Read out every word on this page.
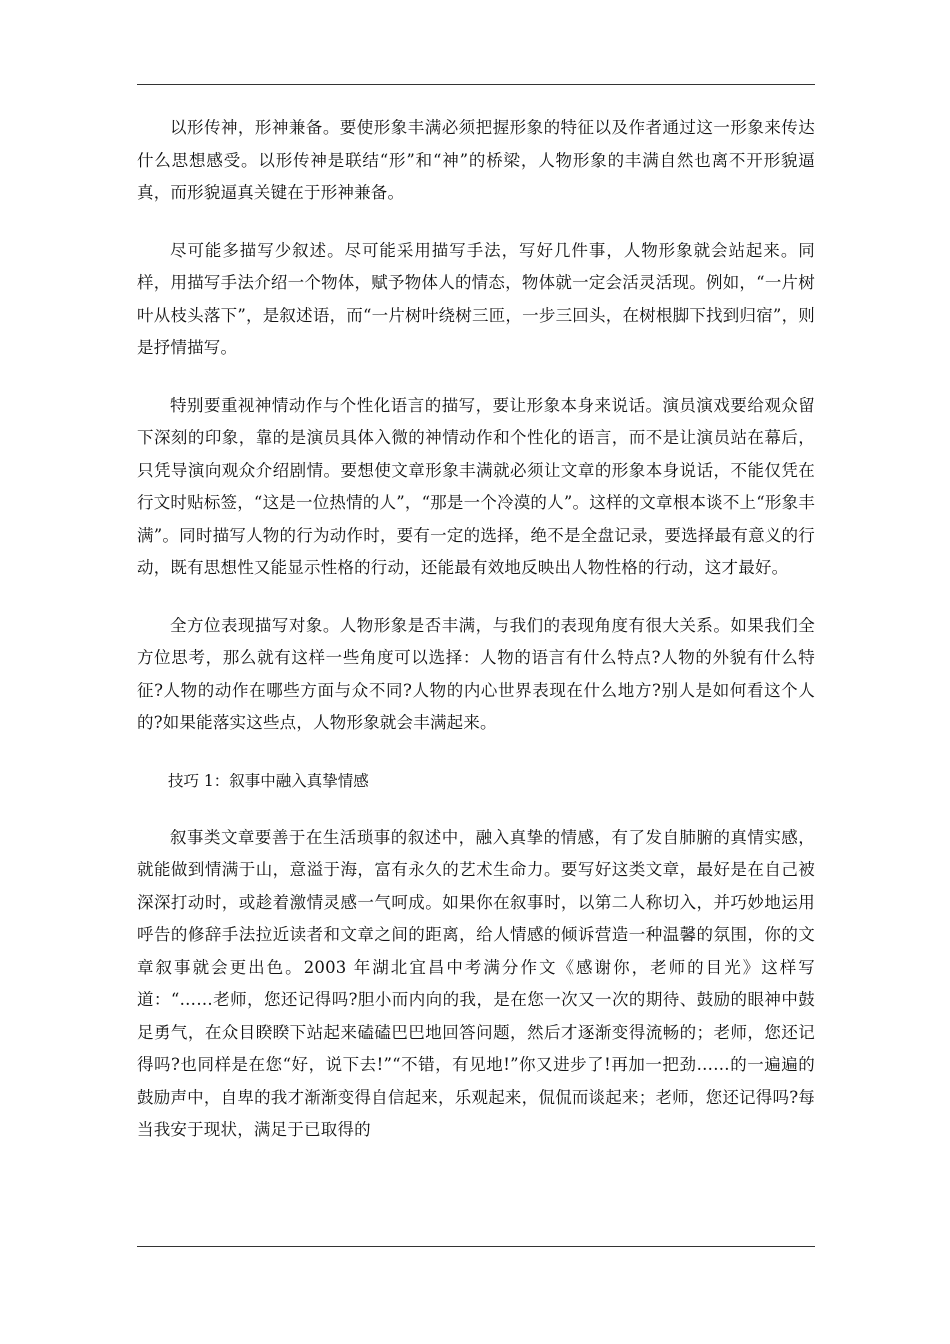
以形传神，形神兼备。要使形象丰满必须把握形象的特征以及作者通过这一形象来传达什么思想感受。以形传神是联结“形”和“神”的桥梁，人物形象的丰满自然也离不开形貌逼真，而形貌逼真关键在于形神兼备。

尽可能多描写少叙述。尽可能采用描写手法，写好几件事，人物形象就会站起来。同样，用描写手法介绍一个物体，赋予物体人的情态，物体就一定会活灵活现。例如，“一片树叶从枝头落下”，是叙述语，而“一片树叶绕树三匝，一步三回头，在树根脚下找到归宿”，则是抒情描写。

特别要重视神情动作与个性化语言的描写，要让形象本身来说话。演员演戏要给观众留下深刻的印象，靠的是演员具体入微的神情动作和个性化的语言，而不是让演员站在幕后，只凭导演向观众介绍剧情。要想使文章形象丰满就必须让文章的形象本身说话，不能仅凭在行文时贴标签，“这是一位热情的人”，“那是一个冷漠的人”。这样的文章根本谈不上“形象丰满”。同时描写人物的行为动作时，要有一定的选择，绝不是全盘记录，要选择最有意义的行动，既有思想性又能显示性格的行动，还能最有效地反映出人物性格的行动，这才最好。

全方位表现描写对象。人物形象是否丰满，与我们的表现角度有很大关系。如果我们全方位思考，那么就有这样一些角度可以选择：人物的语言有什么特点?人物的外貌有什么特征?人物的动作在哪些方面与众不同?人物的内心世界表现在什么地方?别人是如何看这个人的?如果能落实这些点，人物形象就会丰满起来。

技巧 1：叙事中融入真挚情感

叙事类文章要善于在生活琐事的叙述中，融入真挚的情感，有了发自肺腑的真情实感，就能做到情满于山，意溢于海，富有永久的艺术生命力。要写好这类文章，最好是在自己被深深打动时，或趁着激情灵感一气呵成。如果你在叙事时，以第二人称切入，并巧妙地运用呼告的修辞手法拉近读者和文章之间的距离，给人情感的倾诉营造一种温馨的氛围，你的文章叙事就会更出色。2003 年湖北宜昌中考满分作文《感谢你，老师的目光》这样写道：“……老师，您还记得吗?胆小而内向的我，是在您一次又一次的期待、鼓励的眼神中鼓足勇气，在众目睽睽下站起来磕磕巴巴地回答问题，然后才逐渐变得流畅的；老师，您还记得吗?也同样是在您“好，说下去!”“不错，有见地!”你又进步了!再加一把劲……的一遍遍的鼓励声中，自卑的我才渐渐变得自信起来，乐观起来，侃侃而谈起来；老师，您还记得吗?每当我安于现状，满足于已取得的
